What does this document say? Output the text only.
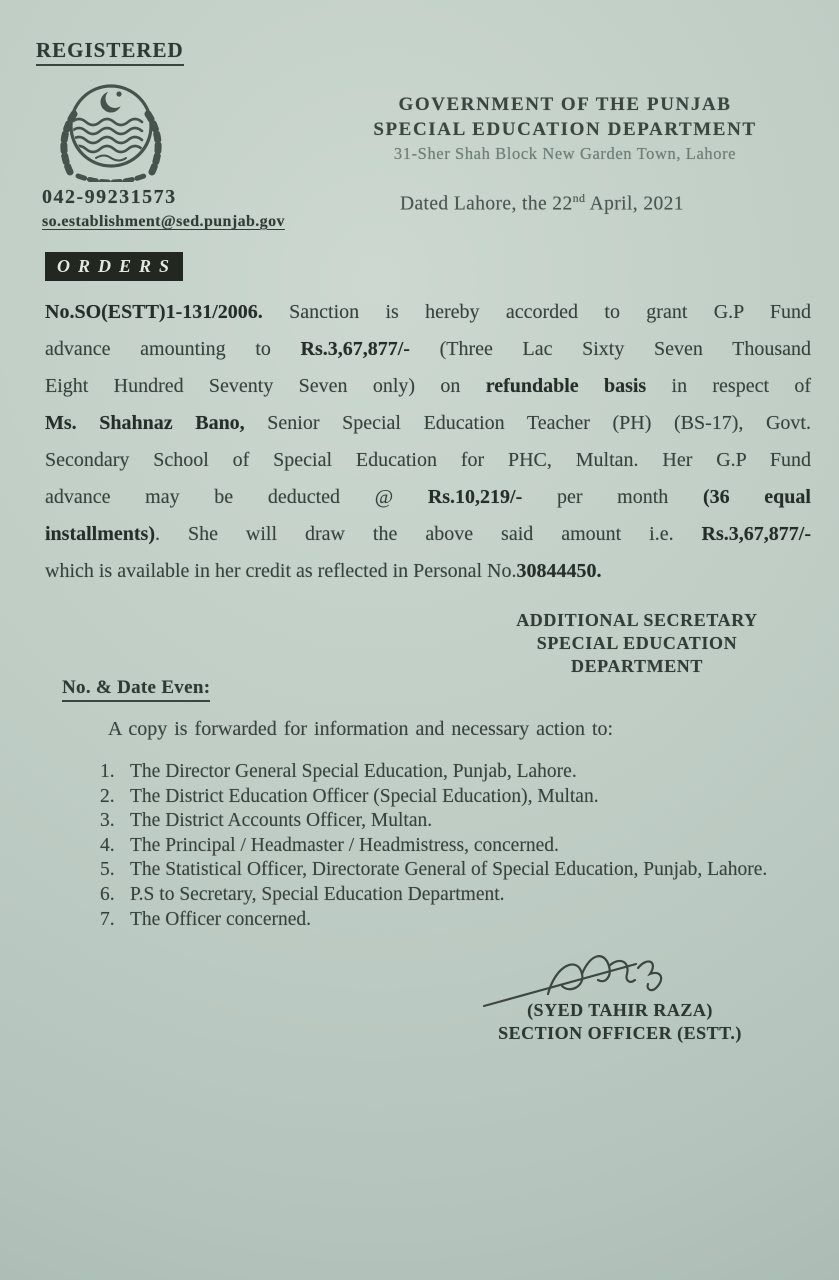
REGISTERED
GOVERNMENT OF THE PUNJAB
SPECIAL EDUCATION DEPARTMENT
31-Sher Shah Block New Garden Town, Lahore
042-99231573
so.establishment@sed.punjab.gov
Dated Lahore, the 22nd April, 2021
ORDERS
No.SO(ESTT)1-131/2006. Sanction is hereby accorded to grant G.P Fund
advance amounting to Rs.3,67,877/- (Three Lac Sixty Seven Thousand
Eight Hundred Seventy Seven only) on refundable basis in respect of
Ms. Shahnaz Bano, Senior Special Education Teacher (PH) (BS-17), Govt.
Secondary School of Special Education for PHC, Multan. Her G.P Fund
advance may be deducted @ Rs.10,219/- per month (36 equal
installments). She will draw the above said amount i.e. Rs.3,67,877/-
which is available in her credit as reflected in Personal No.30844450.
ADDITIONAL SECRETARY
SPECIAL EDUCATION
DEPARTMENT
No. & Date Even:
A copy is forwarded for information and necessary action to:
1. The Director General Special Education, Punjab, Lahore.
2. The District Education Officer (Special Education), Multan.
3. The District Accounts Officer, Multan.
4. The Principal / Headmaster / Headmistress, concerned.
5. The Statistical Officer, Directorate General of Special Education, Punjab, Lahore.
6. P.S to Secretary, Special Education Department.
7. The Officer concerned.
(SYED TAHIR RAZA)
SECTION OFFICER (ESTT.)
